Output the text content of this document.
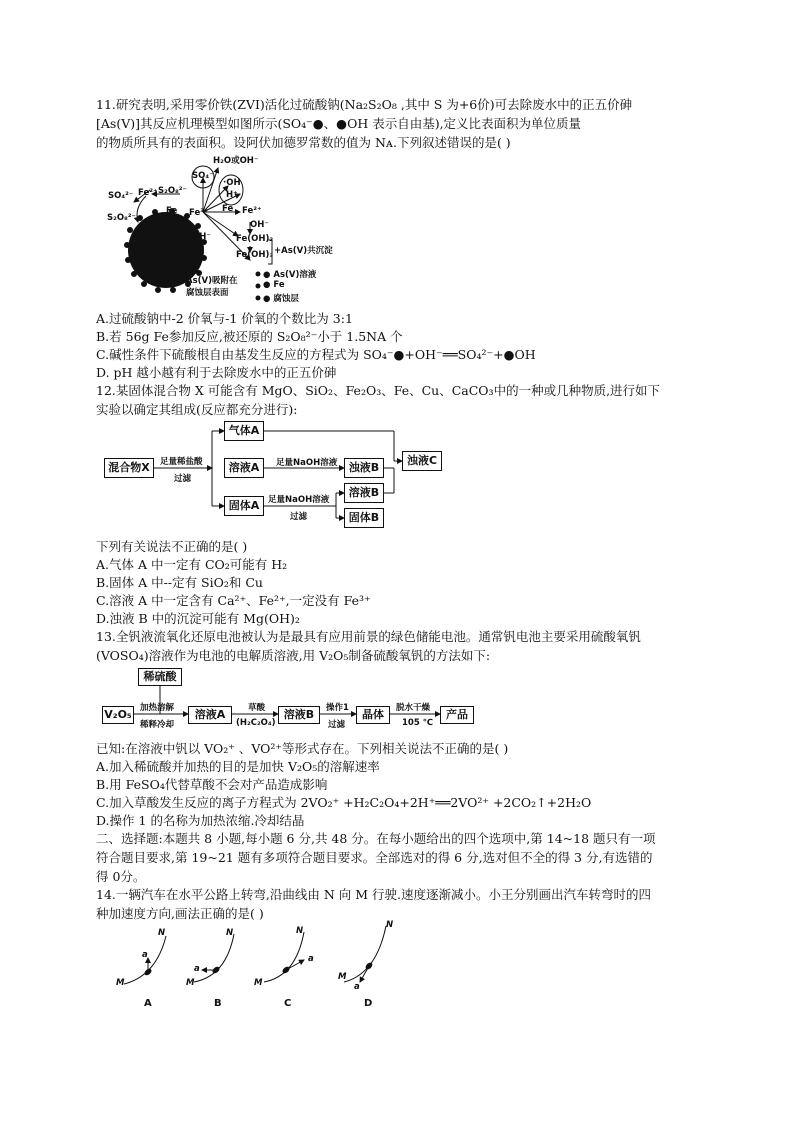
11.研究表明,采用零价铁(ZVI)活化过硫酸钠(Na₂S₂O₈ ,其中 S 为+6价)可去除废水中的正五价砷
[As(V)]其反应机理模型如图所示(SO₄⁻●、●OH 表示自由基),定义比表面积为单位质量
的物质所具有的表面积。设阿伏加德罗常数的值为 Nᴀ.下列叙述错误的是( )
H₂O或OH⁻
SO₄⁻
·OH
H⁺
SO₄²⁻
S₂O₈²⁻
Fe²⁺ S₂O₈²⁻
Fe Fe³⁺ Fe Fe²⁺
OH⁻
OH⁻	Fe(OH)₂
Fe(OH)₃ +As(V)共沉淀
As(V)吸附在
腐蚀层表面
● As(V)溶液
● Fe
● 腐蚀层
A.过硫酸钠中-2 价氧与-1 价氧的个数比为 3:1
B.若 56g Fe参加反应,被还原的 S₂O₈²⁻小于 1.5NA 个
C.碱性条件下硫酸根自由基发生反应的方程式为 SO₄⁻●+OH⁻══SO₄²⁻+●OH
D. pH 越小越有利于去除废水中的正五价砷
12.某固体混合物 X 可能含有 MgO、SiO₂、Fe₂O₃、Fe、Cu、CaCO₃中的一种或几种物质,进行如下
实验以确定其组成(反应都充分进行):
混合物X	足量稀盐酸
过滤
气体A
溶液A	足量NaOH溶液	浊液B
浊液C
固体A	足量NaOH溶液
过滤
溶液B
固体B
下列有关说法不正确的是( )
A.气体 A 中一定有 CO₂可能有 H₂
B.固体 A 中--定有 SiO₂和 Cu
C.溶液 A 中一定含有 Ca²⁺、Fe²⁺,一定没有 Fe³⁺
D.浊液 B 中的沉淀可能有 Mg(OH)₂
13.全钒液流氧化还原电池被认为是最具有应用前景的绿色储能电池。通常钒电池主要采用硫酸氧钒
(VOSO₄)溶液作为电池的电解质溶液,用 V₂O₅制备硫酸氧钒的方法如下:
稀硫酸
V₂O₅ 加热溶解
稀释冷却
溶液A	草酸
(H₂C₂O₄)
溶液B	操作1
过滤
晶体	脱水干燥
105 ℃
产品
已知:在溶液中钒以 VO₂⁺ 、VO²⁺等形式存在。下列相关说法不正确的是( )
A.加入稀硫酸并加热的目的是加快 V₂O₅的溶解速率
B.用 FeSO₄代替草酸不会对产品造成影响
C.加入草酸发生反应的离子方程式为 2VO₂⁺ +H₂C₂O₄+2H⁺══2VO²⁺ +2CO₂↑+2H₂O
D.操作 1 的名称为加热浓缩.冷却结晶
二、选择题:本题共 8 小题,每小题 6 分,共 48 分。在每小题给出的四个选项中,第 14~18 题只有一项
符合题目要求,第 19~21 题有多项符合题目要求。全部选对的得 6 分,选对但不全的得 3 分,有选错的
得 0分。
14.一辆汽车在水平公路上转弯,沿曲线由 N 向 M 行驶.速度逐渐减小。小王分别画出汽车转弯时的四
种加速度方向,画法正确的是( )
N
M
a
N
M
a
N
M
a
N
M
a
A	B	C	D
